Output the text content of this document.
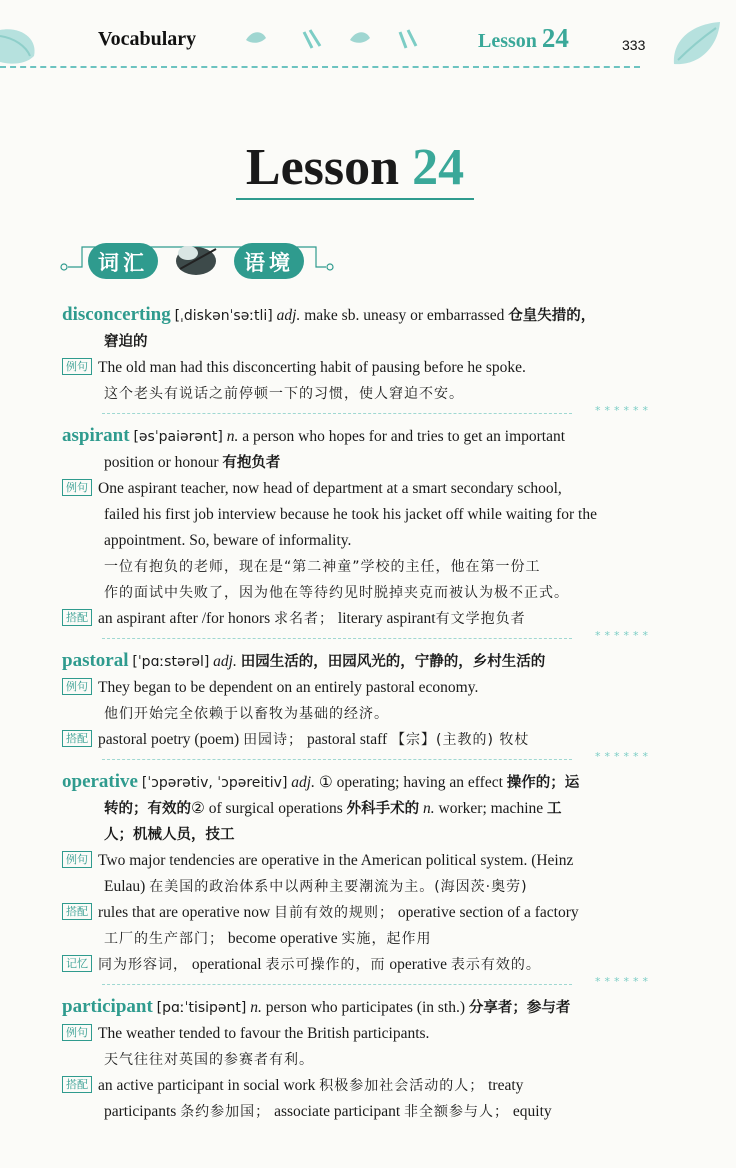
Vocabulary	Lesson 24	333
Lesson 24
词汇	语境
disconcerting [ˌdiskənˈsəːtli] adj. make sb. uneasy or embarrassed 仓皇失措的，
窘迫的
例句 The old man had this disconcerting habit of pausing before he spoke.
这个老头有说话之前停顿一下的习惯，使人窘迫不安。
******
aspirant [əsˈpaiərənt] n. a person who hopes for and tries to get an important
position or honour 有抱负者
例句 One aspirant teacher, now head of department at a smart secondary school,
failed his first job interview because he took his jacket off while waiting for the
appointment. So, beware of informality.
一位有抱负的老师，现在是“第二神童”学校的主任，他在第一份工
作的面试中失败了，因为他在等待约见时脱掉夹克而被认为极不正式。
搭配 an aspirant after /for honors 求名者； literary aspirant有文学抱负者
******
pastoral [ˈpɑːstərəl] adj. 田园生活的，田园风光的，宁静的，乡村生活的
例句 They began to be dependent on an entirely pastoral economy.
他们开始完全依赖于以畜牧为基础的经济。
搭配 pastoral poetry (poem) 田园诗； pastoral staff 【宗】(主教的) 牧杖
******
operative [ˈɔpərətiv, ˈɔpəreitiv] adj. ① operating; having an effect 操作的；运
转的；有效的② of surgical operations 外科手术的 n. worker; machine 工
人；机械人员，技工
例句 Two major tendencies are operative in the American political system. (Heinz
Eulau) 在美国的政治体系中以两种主要潮流为主。(海因茨·奥劳)
搭配 rules that are operative now 目前有效的规则； operative section of a factory
工厂的生产部门； become operative 实施，起作用
记忆 同为形容词， operational 表示可操作的，而 operative 表示有效的。
******
participant [pɑːˈtisipənt] n. person who participates (in sth.) 分享者；参与者
例句 The weather tended to favour the British participants.
天气往往对英国的参赛者有利。
搭配 an active participant in social work 积极参加社会活动的人； treaty
participants 条约参加国； associate participant 非全额参与人； equity
